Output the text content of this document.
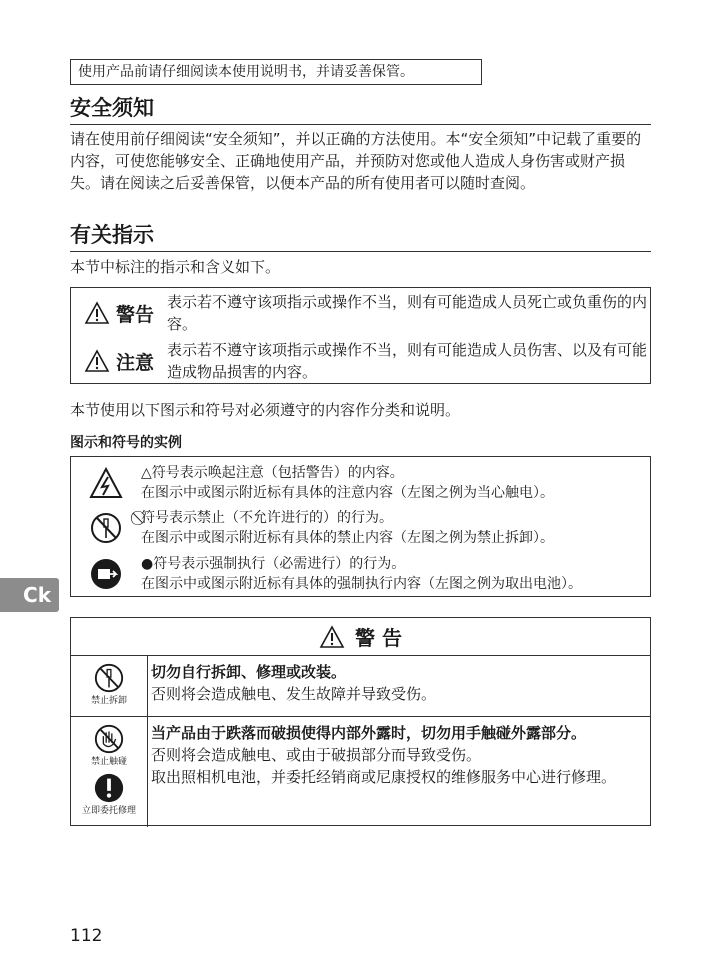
使用产品前请仔细阅读本使用说明书，并请妥善保管。
安全须知
请在使用前仔细阅读“安全须知”，并以正确的方法使用。本“安全须知”中记载了重要的内容，可使您能够安全、正确地使用产品，并预防对您或他人造成人身伤害或财产损失。请在阅读之后妥善保管，以便本产品的所有使用者可以随时查阅。
有关指示
本节中标注的指示和含义如下。
警告
表示若不遵守该项指示或操作不当，则有可能造成人员死亡或负重伤的内容。
注意
表示若不遵守该项指示或操作不当，则有可能造成人员伤害、以及有可能造成物品损害的内容。
本节使用以下图示和符号对必须遵守的内容作分类和说明。
图示和符号的实例
△符号表示唤起注意（包括警告）的内容。
在图示中或图示附近标有具体的注意内容（左图之例为当心触电）。
⃠符号表示禁止（不允许进行的）的行为。
在图示中或图示附近标有具体的禁止内容（左图之例为禁止拆卸）。
●符号表示强制执行（必需进行）的行为。
在图示中或图示附近标有具体的强制执行内容（左图之例为取出电池）。
Ck
警 告
禁止拆卸
切勿自行拆卸、修理或改装。
否则将会造成触电、发生故障并导致受伤。
禁止触碰
立即委托修理
当产品由于跌落而破损使得内部外露时，切勿用手触碰外露部分。
否则将会造成触电、或由于破损部分而导致受伤。
取出照相机电池，并委托经销商或尼康授权的维修服务中心进行修理。
112
